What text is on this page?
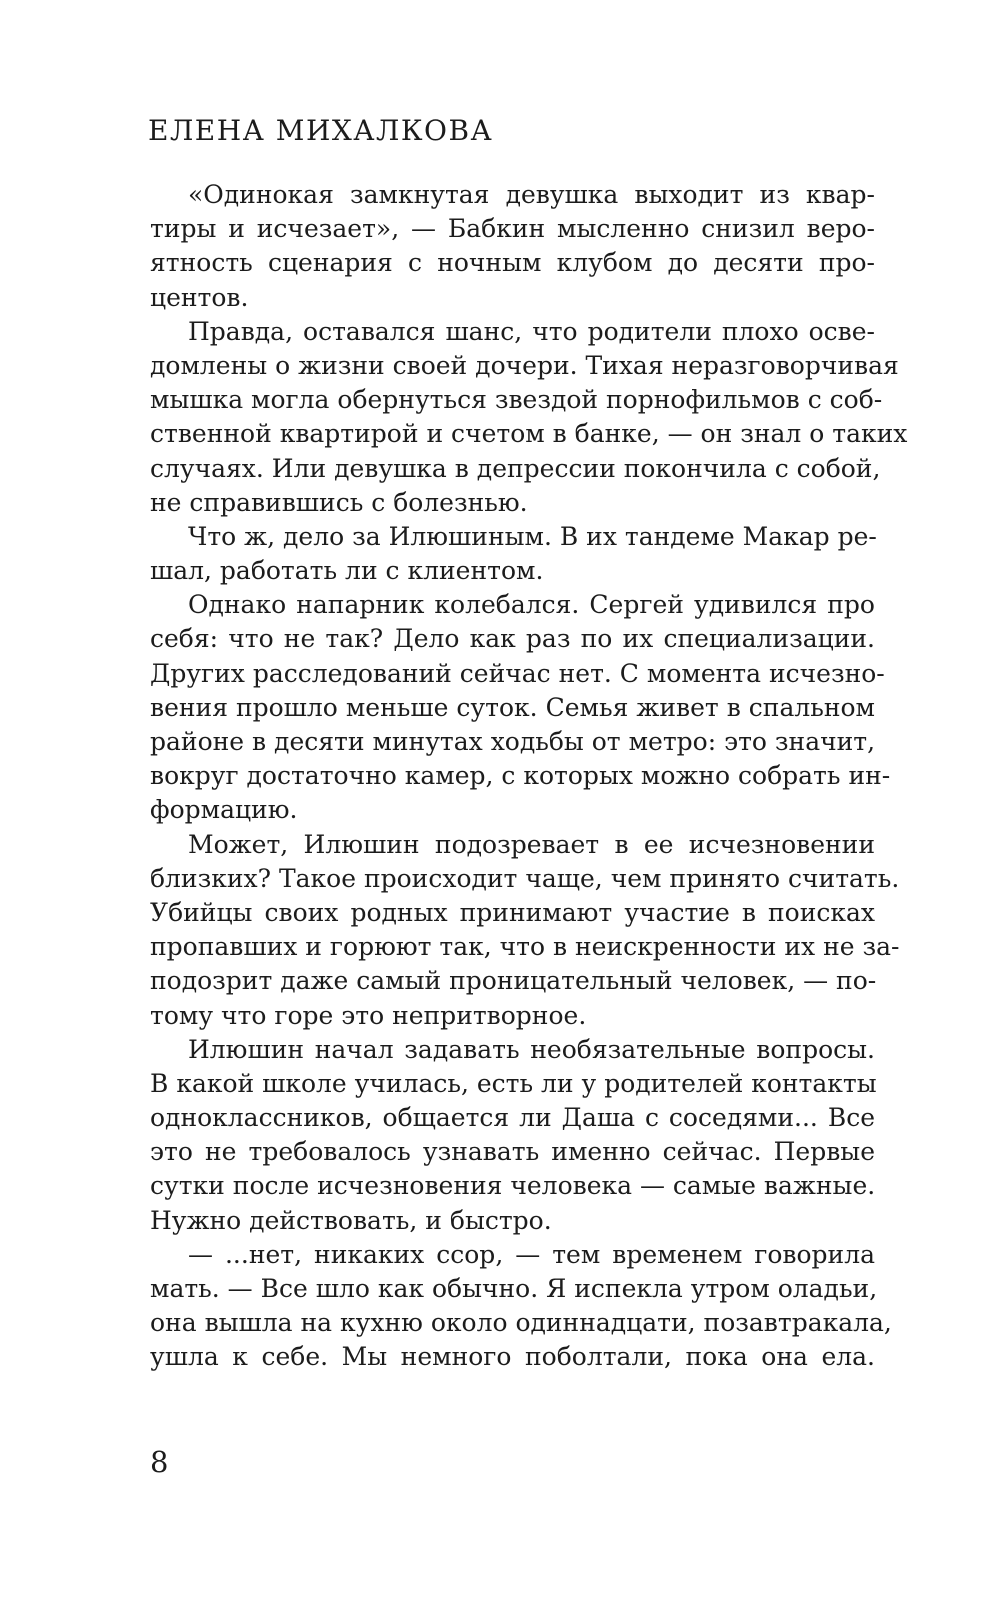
ЕЛЕНА МИХАЛКОВА
«Одинокая замкнутая девушка выходит из квар-
тиры и исчезает», — Бабкин мысленно снизил веро-
ятность сценария с ночным клубом до десяти про-
центов.
Правда, оставался шанс, что родители плохо осве-
домлены о жизни своей дочери. Тихая неразговорчивая
мышка могла обернуться звездой порнофильмов с соб-
ственной квартирой и счетом в банке, — он знал о таких
случаях. Или девушка в депрессии покончила с собой,
не справившись с болезнью.
Что ж, дело за Илюшиным. В их тандеме Макар ре-
шал, работать ли с клиентом.
Однако напарник колебался. Сергей удивился про
себя: что не так? Дело как раз по их специализации.
Других расследований сейчас нет. С момента исчезно-
вения прошло меньше суток. Семья живет в спальном
районе в десяти минутах ходьбы от метро: это значит,
вокруг достаточно камер, с которых можно собрать ин-
формацию.
Может, Илюшин подозревает в ее исчезновении
близких? Такое происходит чаще, чем принято считать.
Убийцы своих родных принимают участие в поисках
пропавших и горюют так, что в неискренности их не за-
подозрит даже самый проницательный человек, — по-
тому что горе это непритворное.
Илюшин начал задавать необязательные вопросы.
В какой школе училась, есть ли у родителей контакты
одноклассников, общается ли Даша с соседями... Все
это не требовалось узнавать именно сейчас. Первые
сутки после исчезновения человека — самые важные.
Нужно действовать, и быстро.
— ...нет, никаких ссор, — тем временем говорила
мать. — Все шло как обычно. Я испекла утром оладьи,
она вышла на кухню около одиннадцати, позавтракала,
ушла к себе. Мы немного поболтали, пока она ела.
8
